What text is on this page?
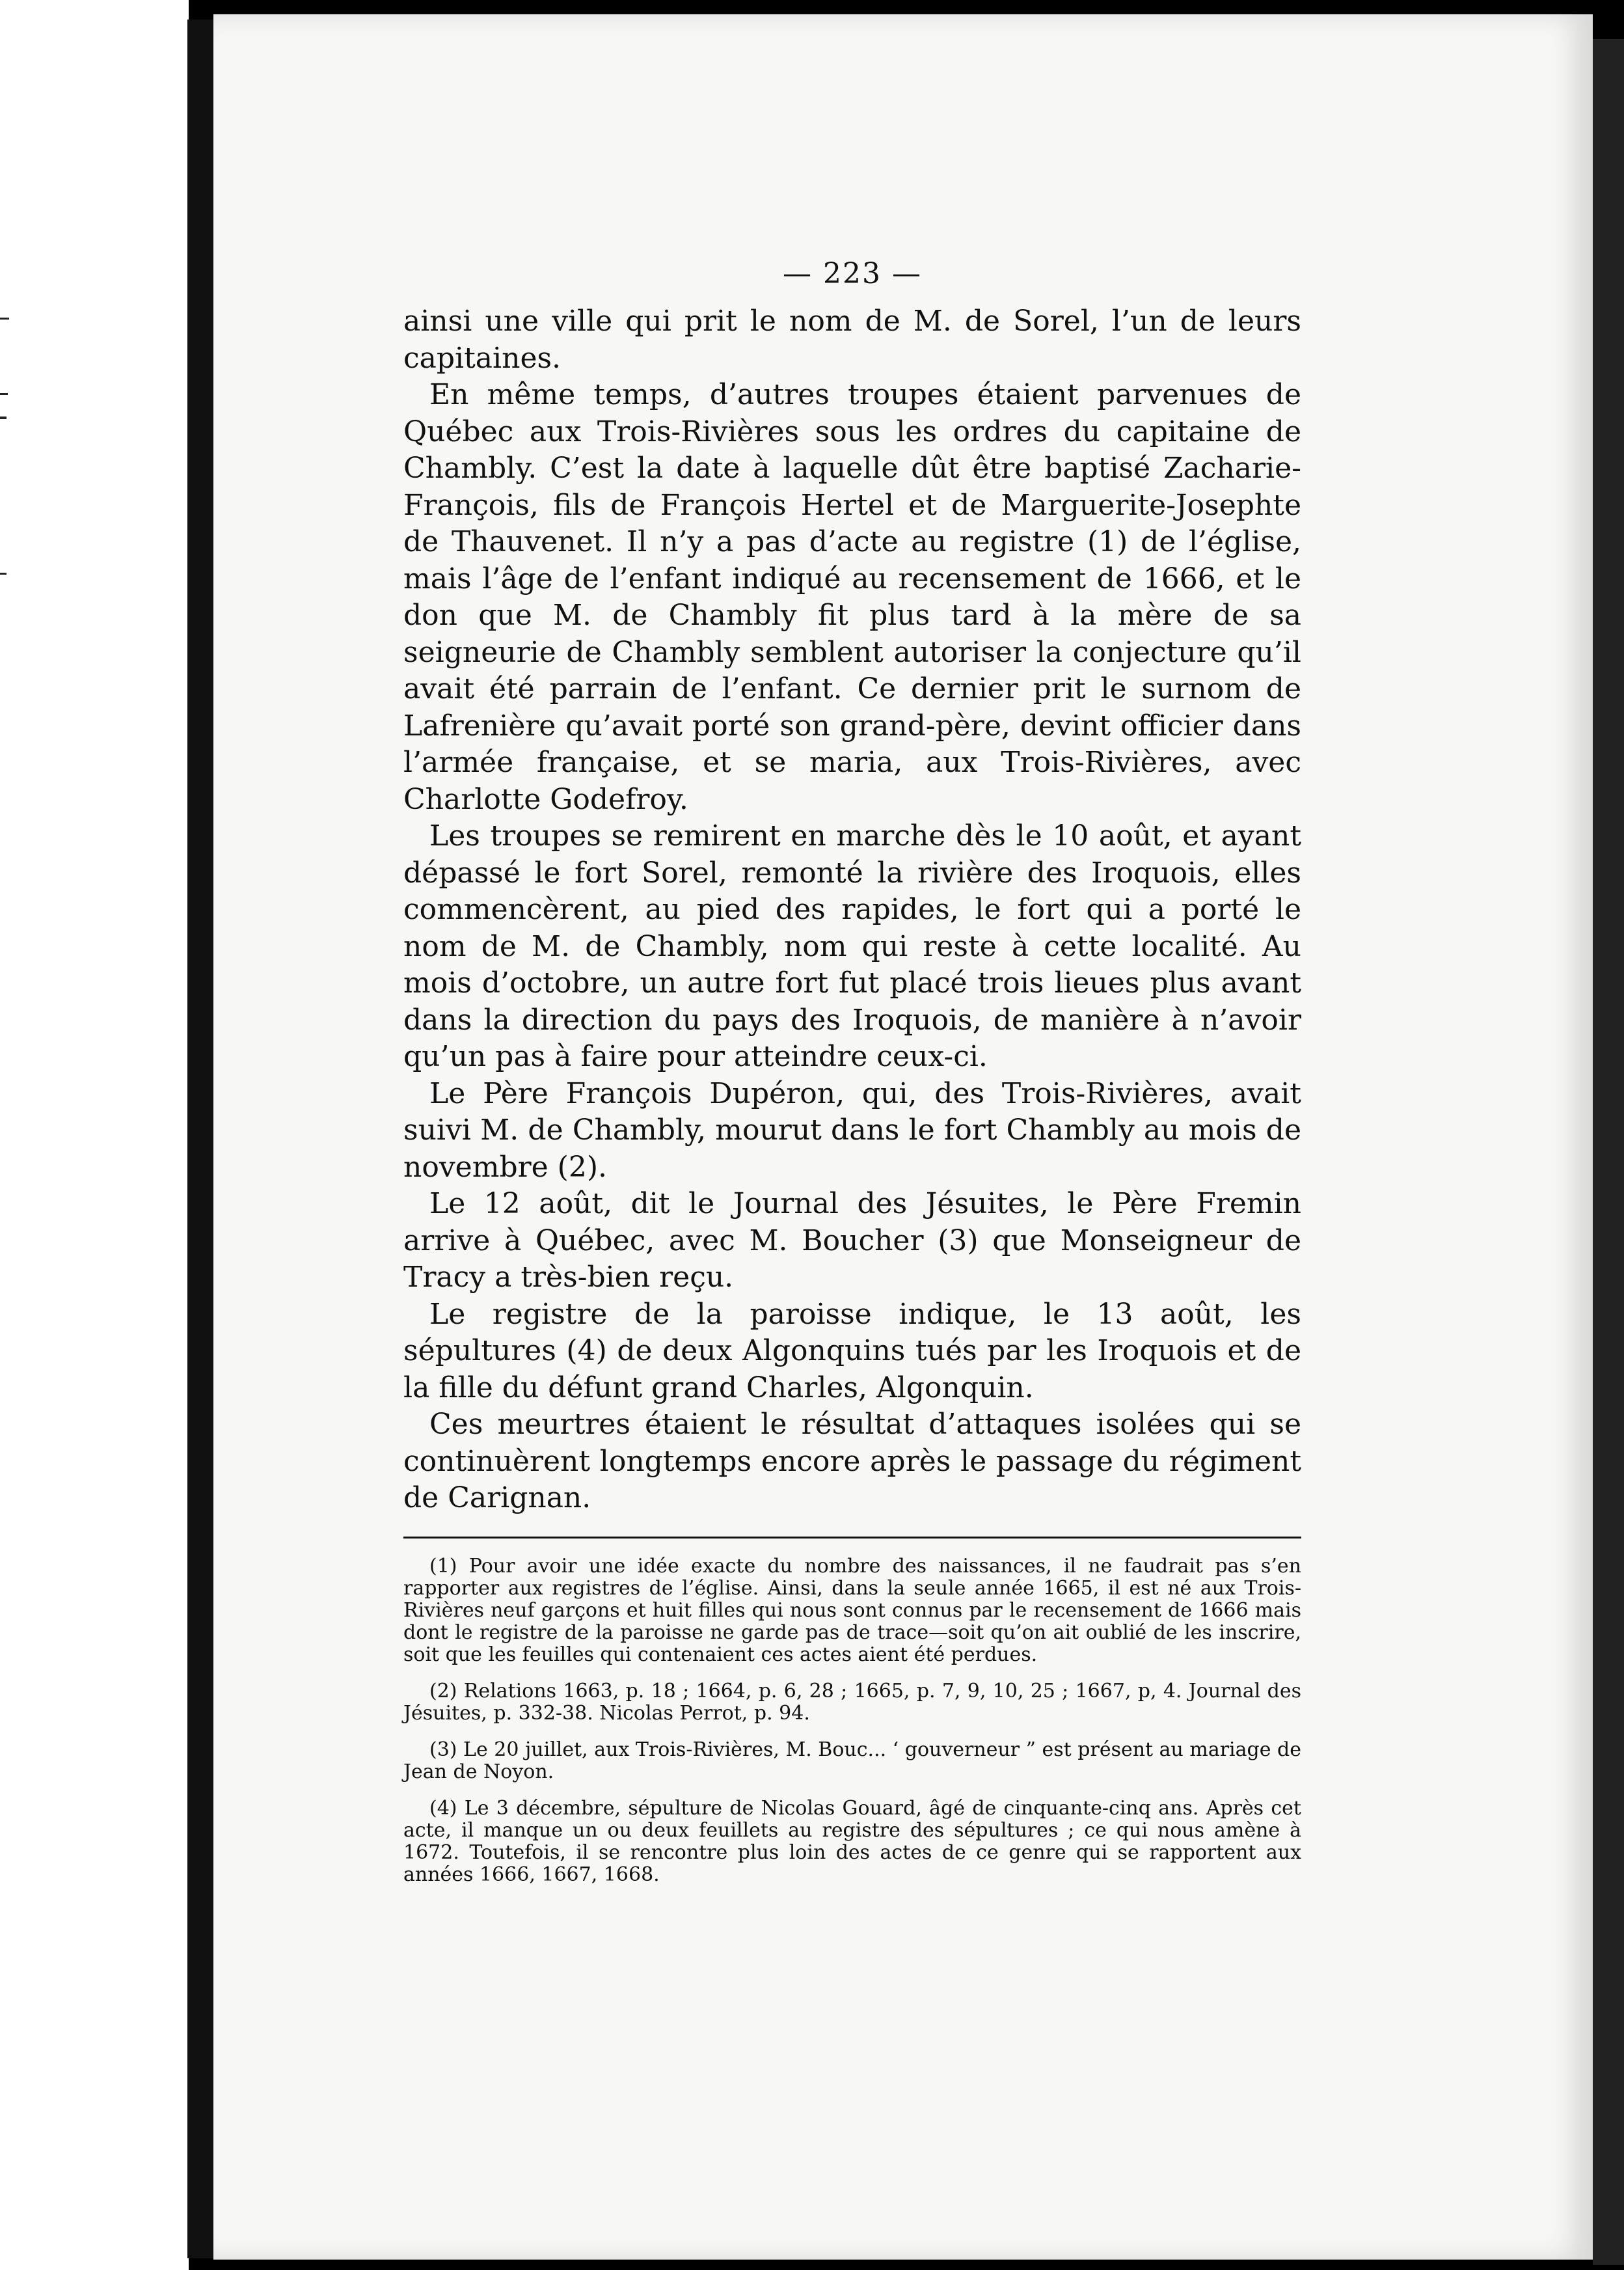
— 223 —

ainsi une ville qui prit le nom de M. de Sorel, l’un de leurs capitaines.

En même temps, d’autres troupes étaient parvenues de Québec aux Trois-Rivières sous les ordres du capitaine de Chambly. C’est la date à laquelle dût être baptisé Zacharie-François, fils de François Hertel et de Marguerite-Josephte de Thauvenet. Il n’y a pas d’acte au registre (1) de l’église, mais l’âge de l’enfant indiqué au recensement de 1666, et le don que M. de Chambly fit plus tard à la mère de sa seigneurie de Chambly semblent autoriser la conjecture qu’il avait été parrain de l’enfant. Ce dernier prit le surnom de Lafrenière qu’avait porté son grand-père, devint officier dans l’armée française, et se maria, aux Trois-Rivières, avec Charlotte Godefroy.

Les troupes se remirent en marche dès le 10 août, et ayant dépassé le fort Sorel, remonté la rivière des Iroquois, elles commencèrent, au pied des rapides, le fort qui a porté le nom de M. de Chambly, nom qui reste à cette localité. Au mois d’octobre, un autre fort fut placé trois lieues plus avant dans la direction du pays des Iroquois, de manière à n’avoir qu’un pas à faire pour atteindre ceux-ci.

Le Père François Dupéron, qui, des Trois-Rivières, avait suivi M. de Chambly, mourut dans le fort Chambly au mois de novembre (2).

Le 12 août, dit le Journal des Jésuites, le Père Fremin arrive à Québec, avec M. Boucher (3) que Monseigneur de Tracy a très-bien reçu.

Le registre de la paroisse indique, le 13 août, les sépultures (4) de deux Algonquins tués par les Iroquois et de la fille du défunt grand Charles, Algonquin.

Ces meurtres étaient le résultat d’attaques isolées qui se continuèrent longtemps encore après le passage du régiment de Carignan.

(1) Pour avoir une idée exacte du nombre des naissances, il ne faudrait pas s’en rapporter aux registres de l’église. Ainsi, dans la seule année 1665, il est né aux Trois-Rivières neuf garçons et huit filles qui nous sont connus par le recensement de 1666 mais dont le registre de la paroisse ne garde pas de trace—soit qu’on ait oublié de les inscrire, soit que les feuilles qui contenaient ces actes aient été perdues.

(2) Relations 1663, p. 18 ; 1664, p. 6, 28 ; 1665, p. 7, 9, 10, 25 ; 1667, p, 4. Journal des Jésuites, p. 332-38. Nicolas Perrot, p. 94.

(3) Le 20 juillet, aux Trois-Rivières, M. Bouc... ‘ gouverneur ” est présent au mariage de Jean de Noyon.

(4) Le 3 décembre, sépulture de Nicolas Gouard, âgé de cinquante-cinq ans. Après cet acte, il manque un ou deux feuillets au registre des sépultures ; ce qui nous amène à 1672. Toutefois, il se rencontre plus loin des actes de ce genre qui se rapportent aux années 1666, 1667, 1668.
